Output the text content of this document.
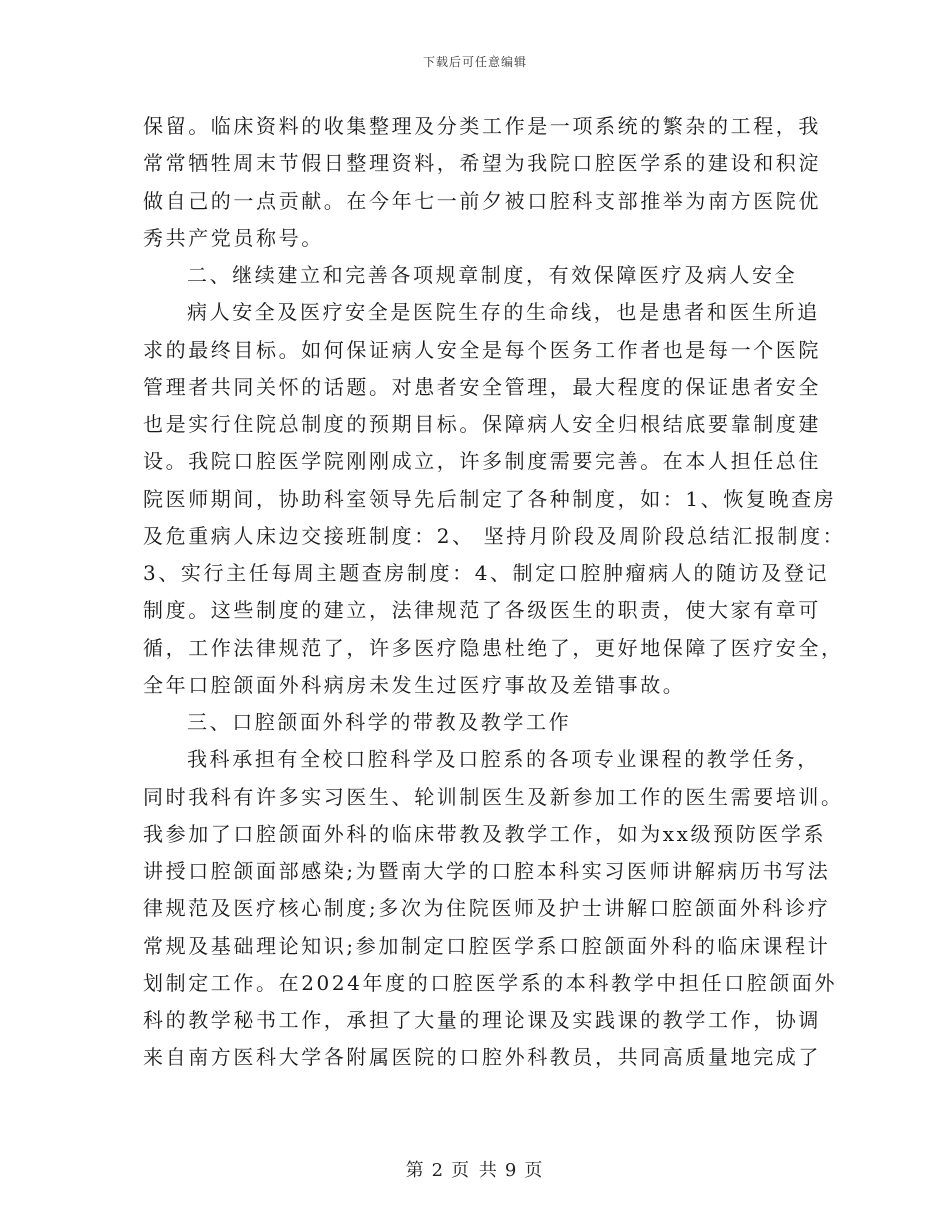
下载后可任意编辑
保留。临床资料的收集整理及分类工作是一项系统的繁杂的工程，我
常常牺牲周末节假日整理资料，希望为我院口腔医学系的建设和积淀
做自己的一点贡献。在今年七一前夕被口腔科支部推举为南方医院优
秀共产党员称号。
二、继续建立和完善各项规章制度，有效保障医疗及病人安全
病人安全及医疗安全是医院生存的生命线，也是患者和医生所追
求的最终目标。如何保证病人安全是每个医务工作者也是每一个医院
管理者共同关怀的话题。对患者安全管理，最大程度的保证患者安全
也是实行住院总制度的预期目标。保障病人安全归根结底要靠制度建
设。我院口腔医学院刚刚成立，许多制度需要完善。在本人担任总住
院医师期间，协助科室领导先后制定了各种制度，如：1、恢复晚查房
及危重病人床边交接班制度：2、 坚持月阶段及周阶段总结汇报制度：
3、实行主任每周主题查房制度：4、制定口腔肿瘤病人的随访及登记
制度。这些制度的建立，法律规范了各级医生的职责，使大家有章可
循，工作法律规范了，许多医疗隐患杜绝了，更好地保障了医疗安全，
全年口腔颌面外科病房未发生过医疗事故及差错事故。
三、口腔颌面外科学的带教及教学工作
我科承担有全校口腔科学及口腔系的各项专业课程的教学任务，
同时我科有许多实习医生、轮训制医生及新参加工作的医生需要培训。
我参加了口腔颌面外科的临床带教及教学工作，如为xx级预防医学系
讲授口腔颌面部感染;为暨南大学的口腔本科实习医师讲解病历书写法
律规范及医疗核心制度;多次为住院医师及护士讲解口腔颌面外科诊疗
常规及基础理论知识;参加制定口腔医学系口腔颌面外科的临床课程计
划制定工作。在2024年度的口腔医学系的本科教学中担任口腔颌面外
科的教学秘书工作，承担了大量的理论课及实践课的教学工作，协调
来自南方医科大学各附属医院的口腔外科教员，共同高质量地完成了
第 2 页 共 9 页
